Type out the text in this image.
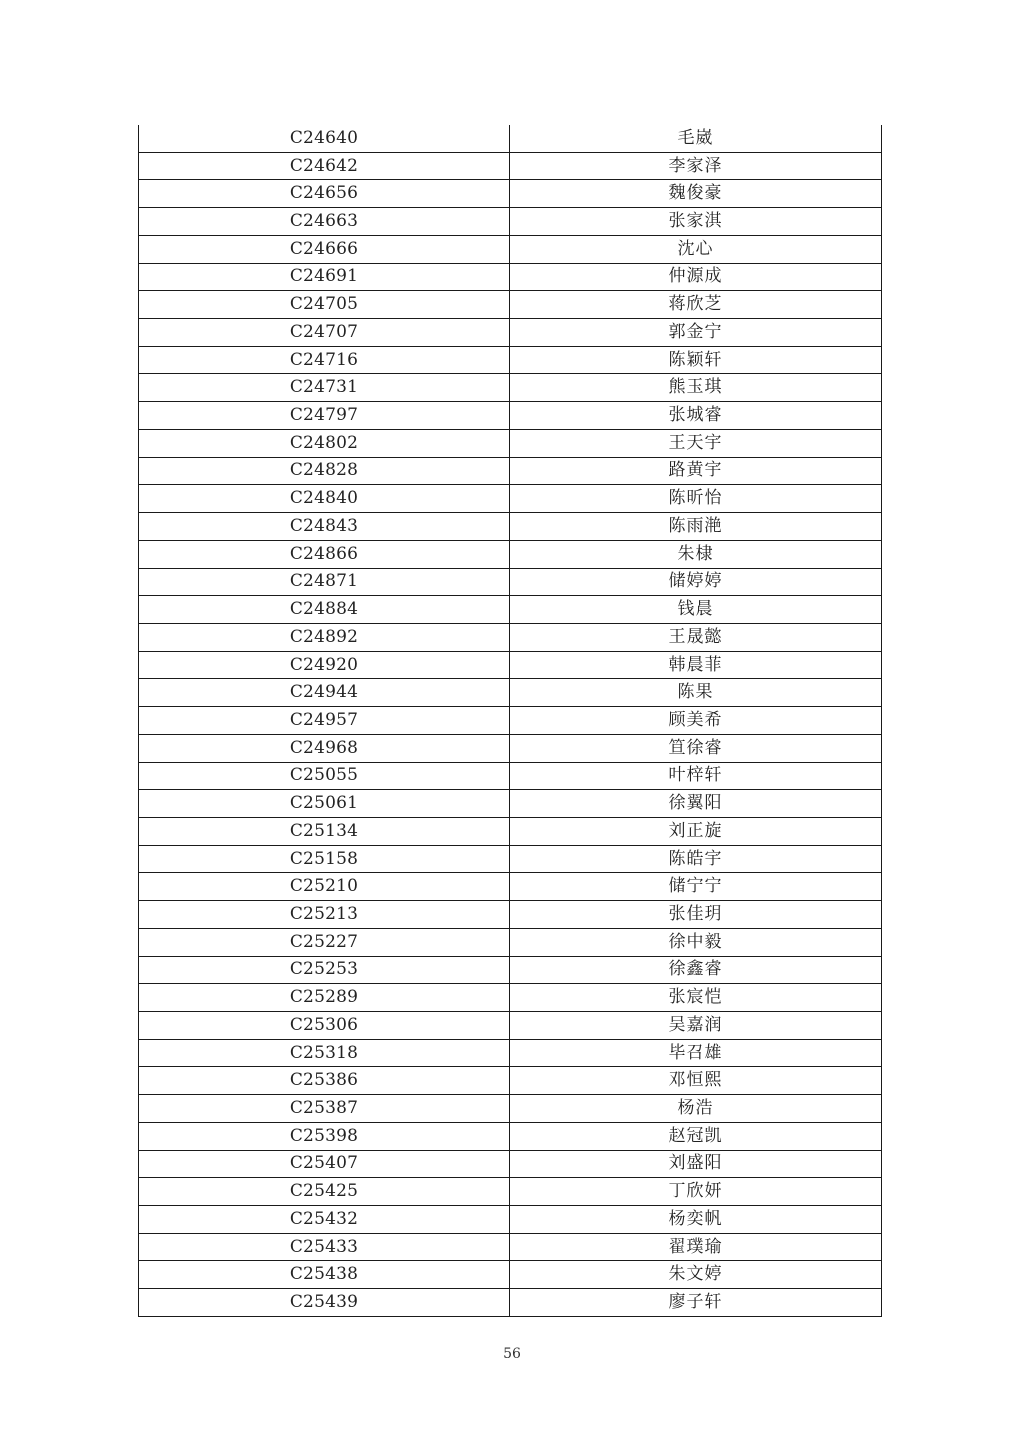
C24640	毛崴
C24642	李家泽
C24656	魏俊豪
C24663	张家淇
C24666	沈心
C24691	仲源成
C24705	蒋欣芝
C24707	郭金宁
C24716	陈颖轩
C24731	熊玉琪
C24797	张城睿
C24802	王天宇
C24828	路黄宇
C24840	陈昕怡
C24843	陈雨滟
C24866	朱棣
C24871	储婷婷
C24884	钱晨
C24892	王晟懿
C24920	韩晨菲
C24944	陈果
C24957	顾美希
C24968	笪徐睿
C25055	叶梓轩
C25061	徐翼阳
C25134	刘正旋
C25158	陈皓宇
C25210	储宁宁
C25213	张佳玥
C25227	徐中毅
C25253	徐鑫睿
C25289	张宸恺
C25306	吴嘉润
C25318	毕召雄
C25386	邓恒熙
C25387	杨浩
C25398	赵冠凯
C25407	刘盛阳
C25425	丁欣妍
C25432	杨奕帆
C25433	翟璞瑜
C25438	朱文婷
C25439	廖子轩
56
